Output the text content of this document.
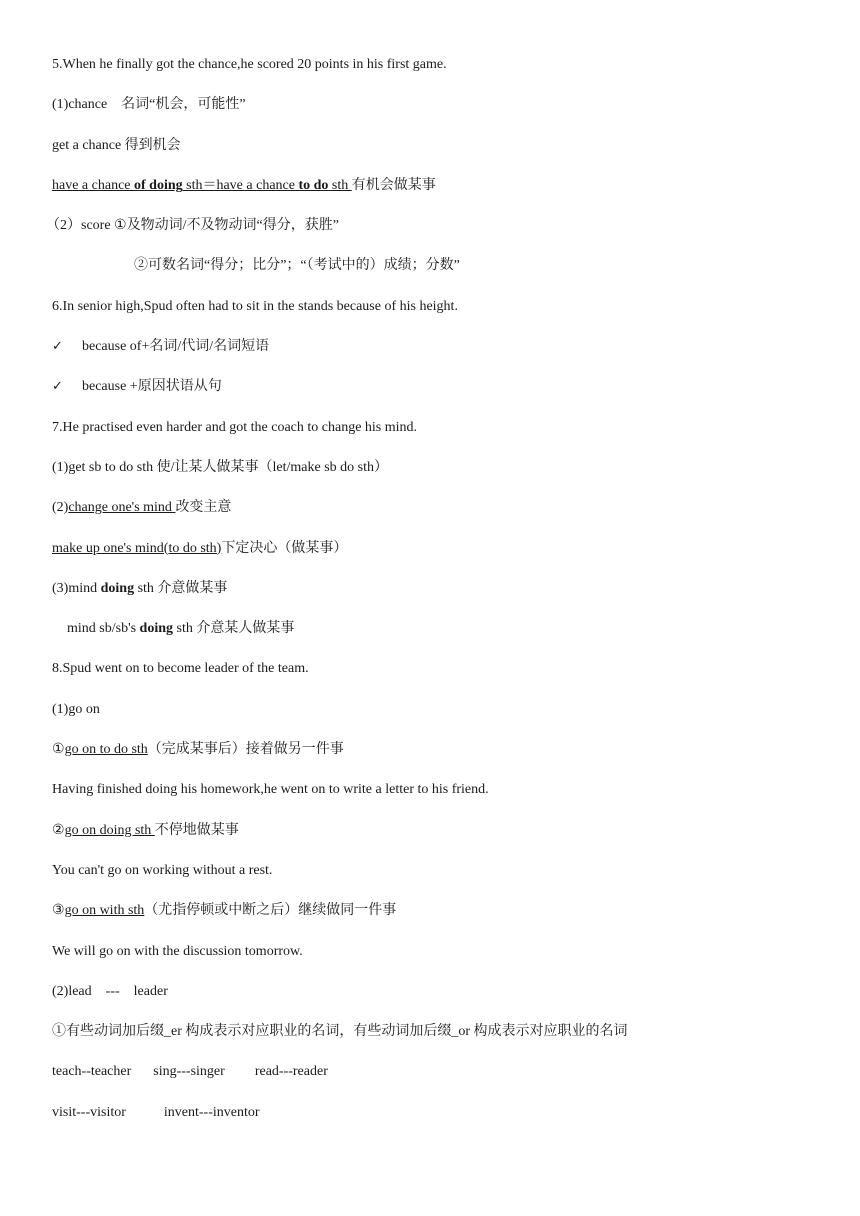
5.When he finally got the chance,he scored 20 points in his first game.
(1)chance　名词“机会，可能性”
get a chance 得到机会
have a chance of doing sth＝have a chance to do sth 有机会做某事
（2）score ①及物动词/不及物动词“得分，获胜”
②可数名词“得分；比分”；“（考试中的）成绩；分数”
6.In senior high,Spud often had to sit in the stands because of his height.
✓ because of+名词/代词/名词短语
✓ because +原因状语从句
7.He practised even harder and got the coach to change his mind.
(1)get sb to do sth 使/让某人做某事（let/make sb do sth）
(2)change one's mind 改变主意
make up one's mind(to do sth)下定决心（做某事）
(3)mind doing sth 介意做某事
mind sb/sb's doing sth 介意某人做某事
8.Spud went on to become leader of the team.
(1)go on
①go on to do sth（完成某事后）接着做另一件事
Having finished doing his homework,he went on to write a letter to his friend.
②go on doing sth 不停地做某事
You can't go on working without a rest.
③go on with sth（尤指停顿或中断之后）继续做同一件事
We will go on with the discussion tomorrow.
(2)lead --- leader
①有些动词加后缀_er 构成表示对应职业的名词，有些动词加后缀_or 构成表示对应职业的名词
teach--teacher sing---singer read---reader
visit---visitor	invent---inventor
